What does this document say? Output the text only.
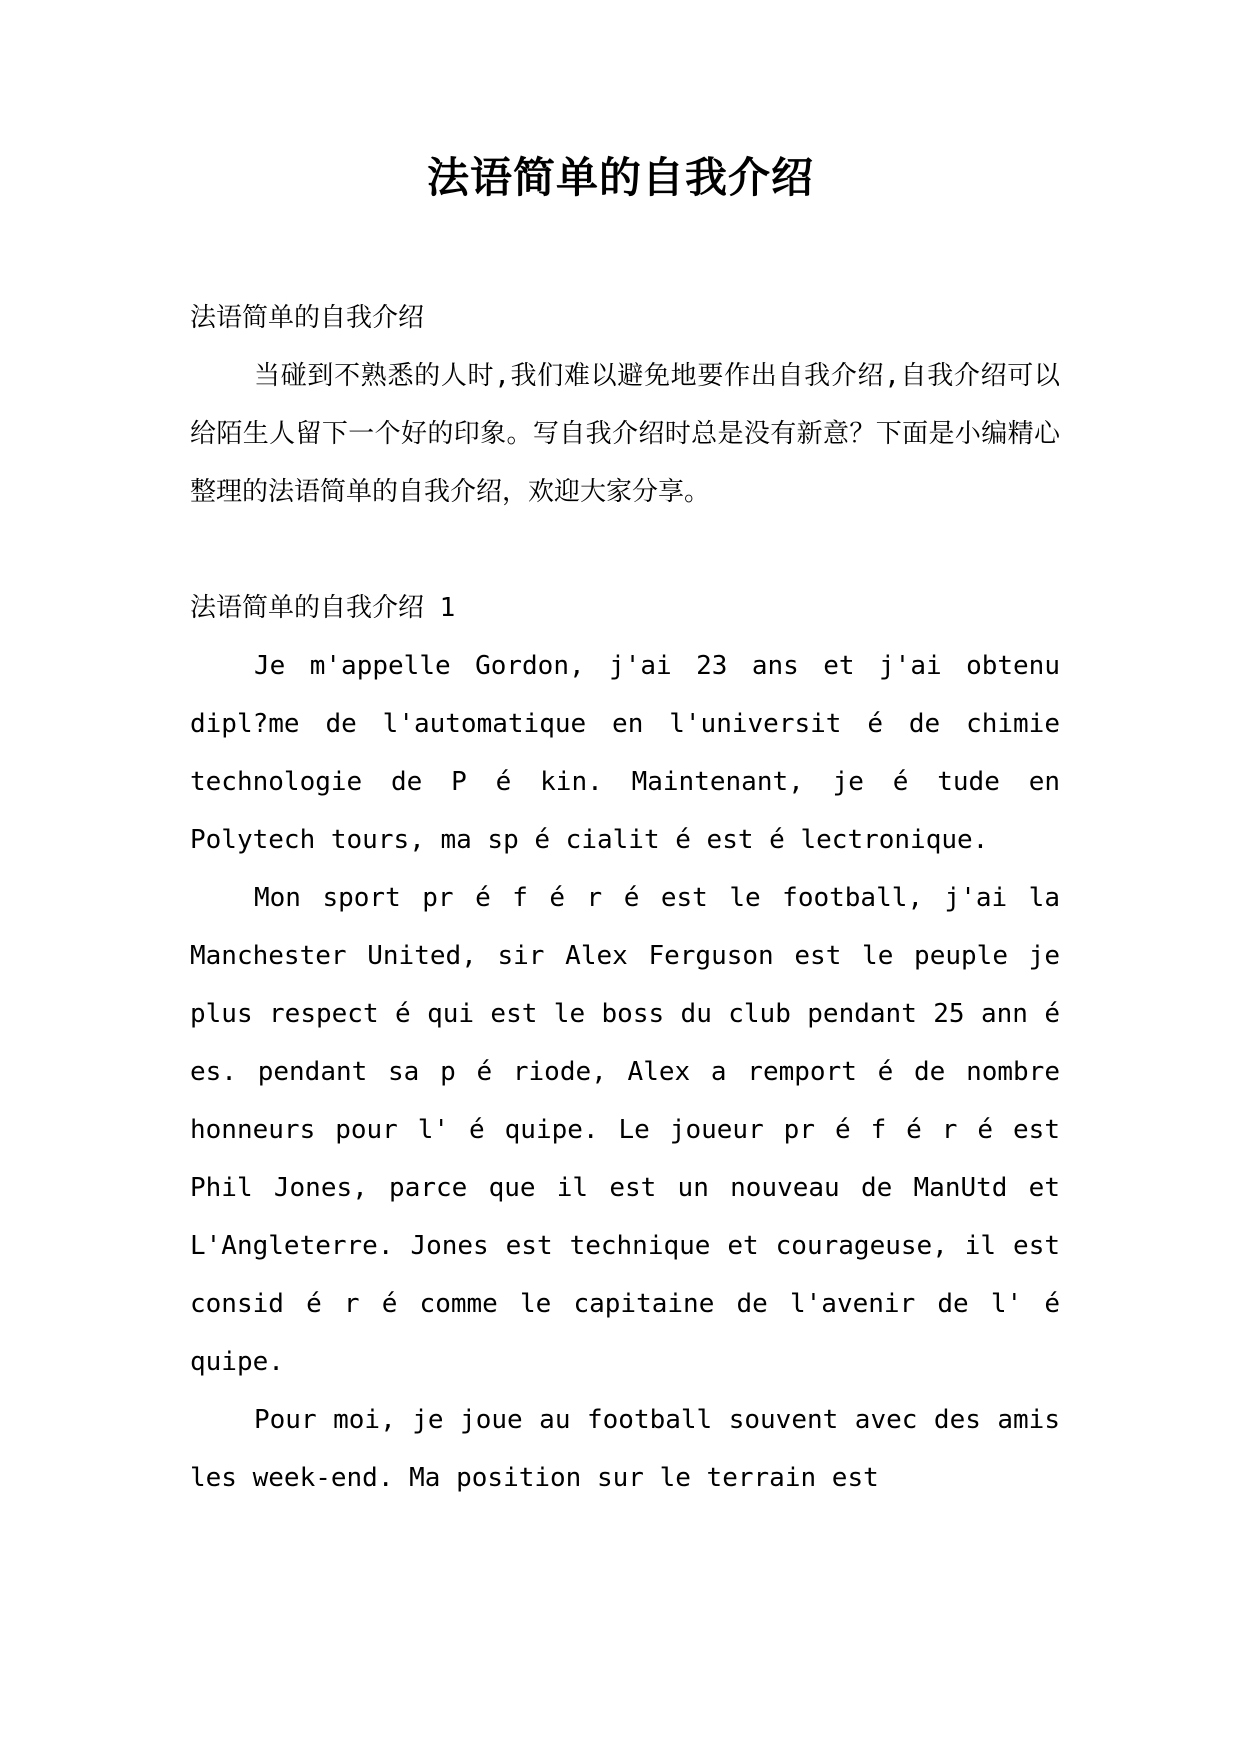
法语简单的自我介绍

法语简单的自我介绍

当碰到不熟悉的人时,我们难以避免地要作出自我介绍,自我介绍可以给陌生人留下一个好的印象。写自我介绍时总是没有新意？下面是小编精心整理的法语简单的自我介绍，欢迎大家分享。

法语简单的自我介绍 1

Je m'appelle Gordon, j'ai 23 ans et j'ai obtenu dipl?me de l'automatique en l'universit é de chimie technologie de P é kin. Maintenant, je é tude en Polytech tours, ma sp é cialit é est é lectronique.

Mon sport pr é f é r é est le football, j'ai la Manchester United, sir Alex Ferguson est le peuple je plus respect é qui est le boss du club pendant 25 ann é es. pendant sa p é riode, Alex a remport é de nombre honneurs pour l' é quipe. Le joueur pr é f é r é est Phil Jones, parce que il est un nouveau de ManUtd et L'Angleterre. Jones est technique et courageuse, il est consid é r é comme le capitaine de l'avenir de l' é quipe.

Pour moi, je joue au football souvent avec des amis les week-end. Ma position sur le terrain est
